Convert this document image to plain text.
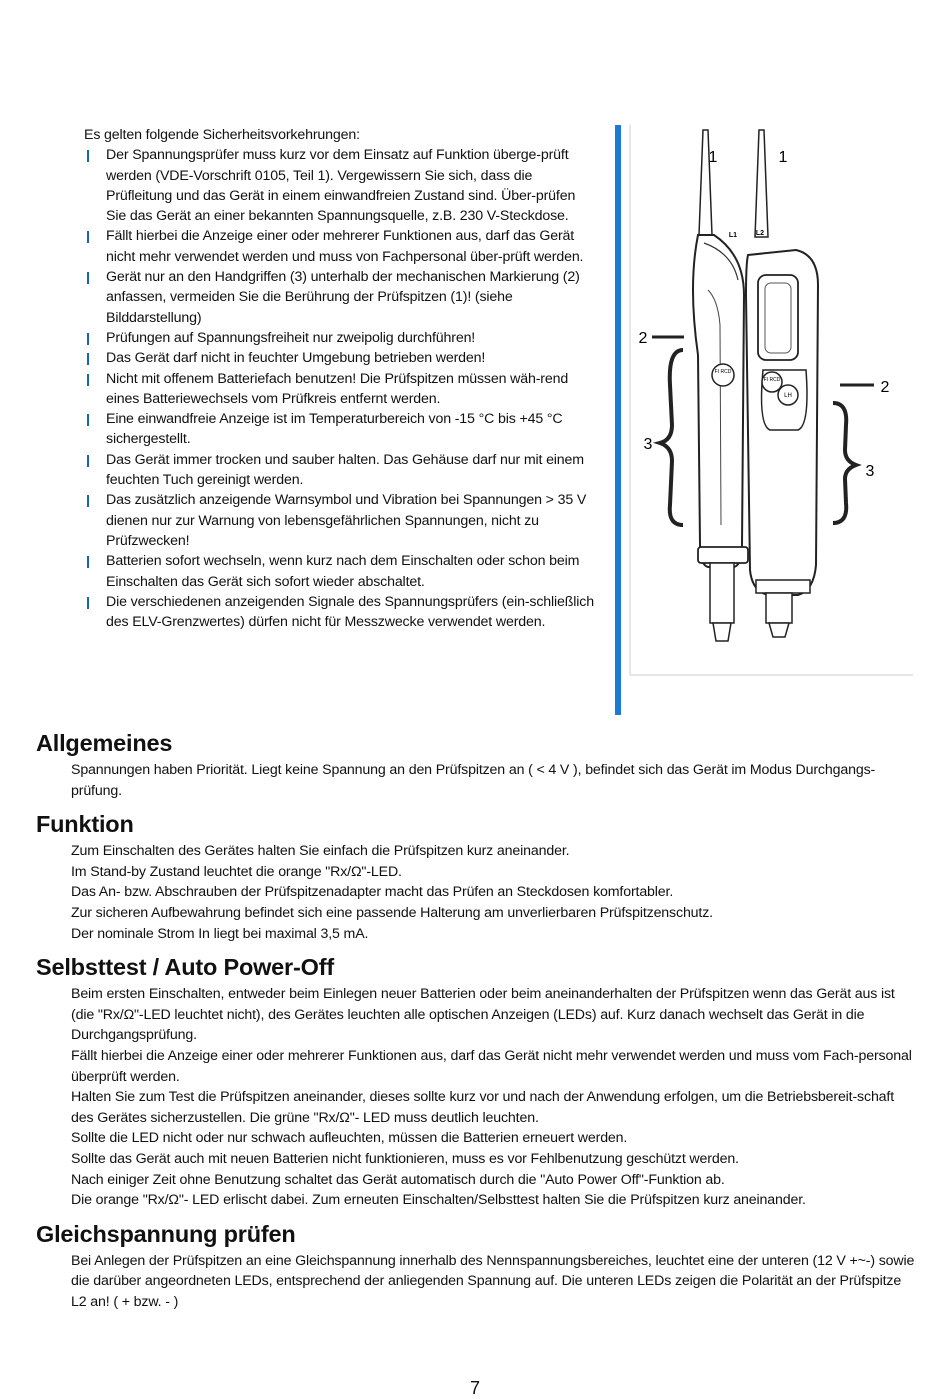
Es gelten folgende Sicherheitsvorkehrungen:

Der Spannungsprüfer muss kurz vor dem Einsatz auf Funktion überge-prüft werden (VDE-Vorschrift 0105, Teil 1). Vergewissern Sie sich, dass die Prüfleitung und das Gerät in einem einwandfreien Zustand sind. Über-prüfen Sie das Gerät an einer bekannten Spannungsquelle, z.B. 230 V-Steckdose.
Fällt hierbei die Anzeige einer oder mehrerer Funktionen aus, darf das Gerät nicht mehr verwendet werden und muss von Fachpersonal über-prüft werden.
Gerät nur an den Handgriffen (3) unterhalb der mechanischen Markierung (2) anfassen, vermeiden Sie die Berührung der Prüfspitzen (1)! (siehe Bilddarstellung)
Prüfungen auf Spannungsfreiheit nur zweipolig durchführen!
Das Gerät darf nicht in feuchter Umgebung betrieben werden!
Nicht mit offenem Batteriefach benutzen! Die Prüfspitzen müssen wäh-rend eines Batteriewechsels vom Prüfkreis entfernt werden.
Eine einwandfreie Anzeige ist im Temperaturbereich von -15 °C bis +45 °C sichergestellt.
Das Gerät immer trocken und sauber halten. Das Gehäuse darf nur mit einem feuchten Tuch gereinigt werden.
Das zusätzlich anzeigende Warnsymbol und Vibration bei Spannungen > 35 V dienen nur zur Warnung von lebensgefährlichen Spannungen, nicht zu Prüfzwecken!
Batterien sofort wechseln, wenn kurz nach dem Einschalten oder schon beim Einschalten das Gerät sich sofort wieder abschaltet.
Die verschiedenen anzeigenden Signale des Spannungsprüfers (ein-schließlich des ELV-Grenzwertes) dürfen nicht für Messzwecke verwendet werden.
FI RCD
FI RCD
LH
L1	L2
1	1
2
2
3
3
Allgemeines

Spannungen haben Priorität. Liegt keine Spannung an den Prüfspitzen an ( < 4 V ), befindet sich das Gerät im Modus Durchgangs-prüfung.

Funktion

Zum Einschalten des Gerätes halten Sie einfach die Prüfspitzen kurz aneinander.

Im Stand-by Zustand leuchtet die orange "Rx/Ω"-LED.

Das An- bzw. Abschrauben der Prüfspitzenadapter macht das Prüfen an Steckdosen komfortabler.

Zur sicheren Aufbewahrung befindet sich eine passende Halterung am unverlierbaren Prüfspitzenschutz.

Der nominale Strom In liegt bei maximal 3,5 mA.

Selbsttest / Auto Power-Off

Beim ersten Einschalten, entweder beim Einlegen neuer Batterien oder beim aneinanderhalten der Prüfspitzen wenn das Gerät aus ist (die "Rx/Ω"-LED leuchtet nicht), des Gerätes leuchten alle optischen Anzeigen (LEDs) auf. Kurz danach wechselt das Gerät in die Durchgangsprüfung.

Fällt hierbei die Anzeige einer oder mehrerer Funktionen aus, darf das Gerät nicht mehr verwendet werden und muss vom Fach-personal überprüft werden.

Halten Sie zum Test die Prüfspitzen aneinander, dieses sollte kurz vor und nach der Anwendung erfolgen, um die Betriebsbereit-schaft des Gerätes sicherzustellen. Die grüne "Rx/Ω"- LED muss deutlich leuchten.

Sollte die LED nicht oder nur schwach aufleuchten, müssen die Batterien erneuert werden.

Sollte das Gerät auch mit neuen Batterien nicht funktionieren, muss es vor Fehlbenutzung geschützt werden.

Nach einiger Zeit ohne Benutzung schaltet das Gerät automatisch durch die "Auto Power Off"-Funktion ab.

Die orange "Rx/Ω"- LED erlischt dabei. Zum erneuten Einschalten/Selbsttest halten Sie die Prüfspitzen kurz aneinander.

Gleichspannung prüfen

Bei Anlegen der Prüfspitzen an eine Gleichspannung innerhalb des Nennspannungsbereiches, leuchtet eine der unteren (12 V +~-) sowie die darüber angeordneten LEDs, entsprechend der anliegenden Spannung auf. Die unteren LEDs zeigen die Polarität an der Prüfspitze L2 an! ( + bzw. - )

7
